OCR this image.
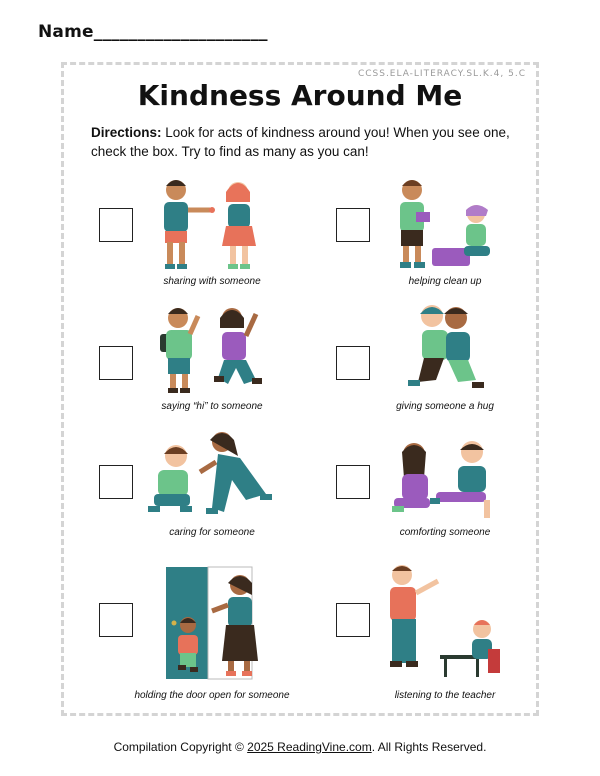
Name____________________
CCSS.ELA-LITERACY.SL.K.4, 5.C
Kindness Around Me
Directions: Look for acts of kindness around you! When you see one, check the box. Try to find as many as you can!
sharing with someone	helping clean up
saying “hi” to someone	giving someone a hug
caring for someone	comforting someone
holding the door open for someone	listening to the teacher
Compilation Copyright © 2025 ReadingVine.com. All Rights Reserved.
